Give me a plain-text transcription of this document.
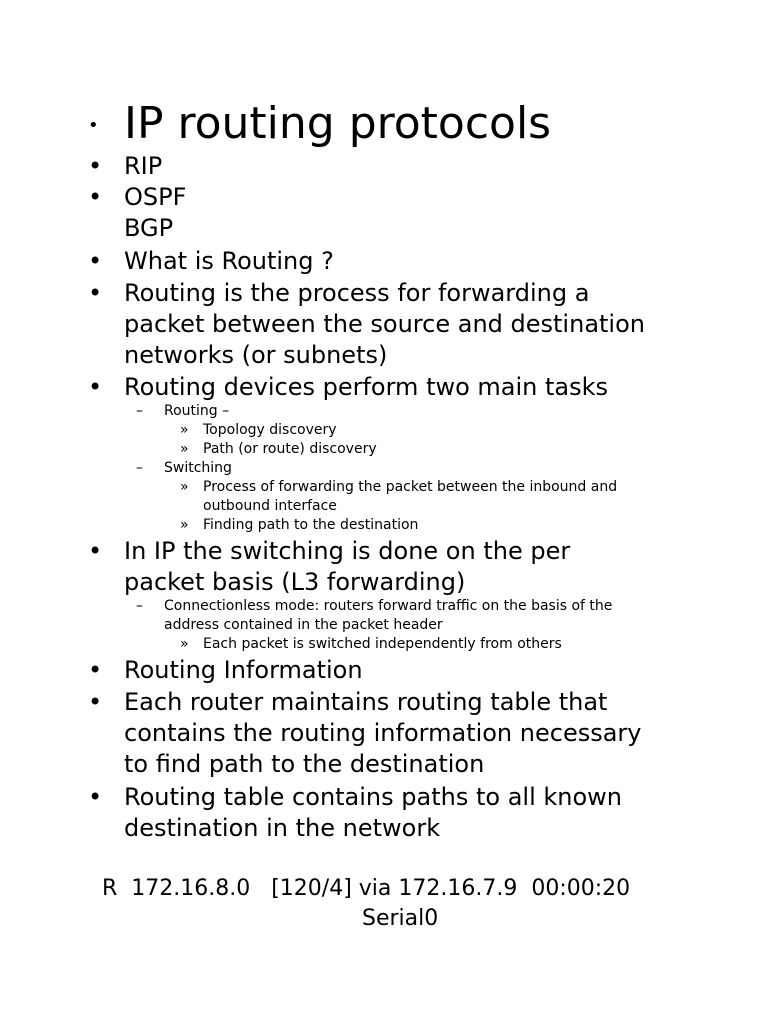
• IP routing protocols
• RIP
• OSPF
BGP
• What is Routing ?
• Routing is the process for forwarding a
packet between the source and destination
networks (or subnets)
• Routing devices perform two main tasks
– Routing –
» Topology discovery
» Path (or route) discovery
– Switching
» Process of forwarding the packet between the inbound and
outbound interface
» Finding path to the destination
• In IP the switching is done on the per
packet basis (L3 forwarding)
– Connectionless mode: routers forward traffic on the basis of the
address contained in the packet header
» Each packet is switched independently from others
• Routing Information
• Each router maintains routing table that
contains the routing information necessary
to find path to the destination
• Routing table contains paths to all known
destination in the network
R  172.16.8.0   [120/4] via 172.16.7.9  00:00:20
Serial0
